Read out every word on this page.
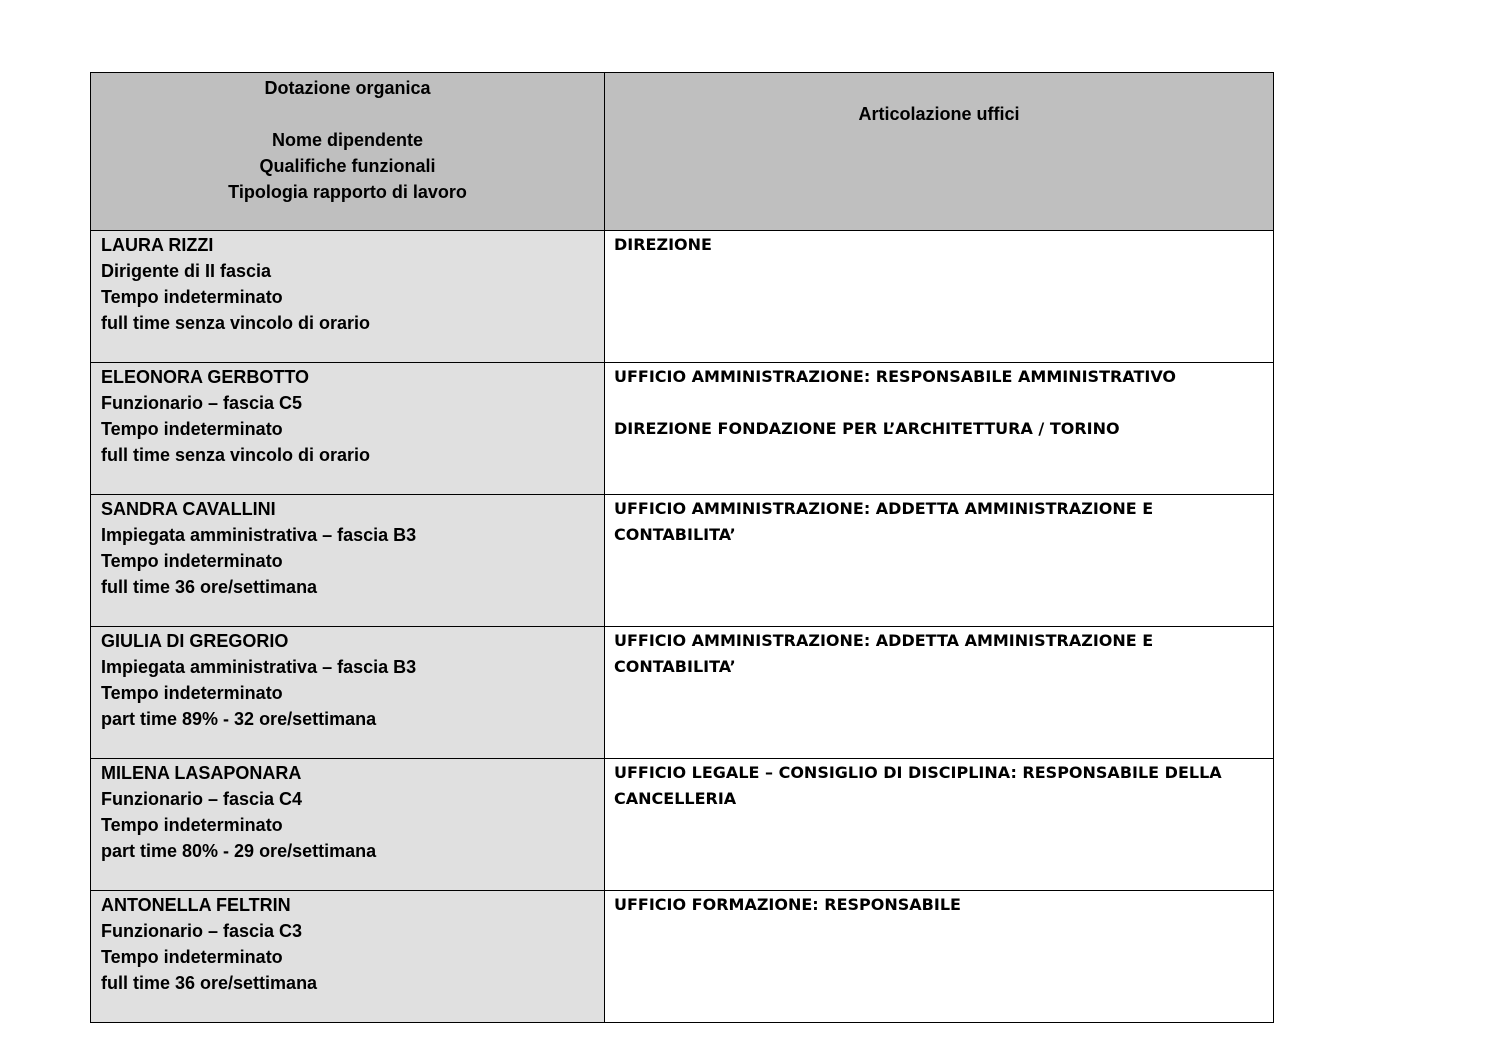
Dotazione organica
Nome dipendente
Qualifiche funzionali
Tipologia rapporto di lavoro	Articolazione uffici

LAURA RIZZI
Dirigente di II fascia
Tempo indeterminato
full time senza vincolo di orario	DIREZIONE

ELEONORA GERBOTTO
Funzionario – fascia C5
Tempo indeterminato
full time senza vincolo di orario	UFFICIO AMMINISTRAZIONE: RESPONSABILE AMMINISTRATIVO
DIREZIONE FONDAZIONE PER L’ARCHITETTURA / TORINO

SANDRA CAVALLINI
Impiegata amministrativa – fascia B3
Tempo indeterminato
full time 36 ore/settimana	UFFICIO AMMINISTRAZIONE: ADDETTA AMMINISTRAZIONE E CONTABILITA’

GIULIA DI GREGORIO
Impiegata amministrativa – fascia B3
Tempo indeterminato
part time 89% - 32 ore/settimana	UFFICIO AMMINISTRAZIONE: ADDETTA AMMINISTRAZIONE E CONTABILITA’

MILENA LASAPONARA
Funzionario – fascia C4
Tempo indeterminato
part time 80% - 29 ore/settimana	UFFICIO LEGALE – CONSIGLIO DI DISCIPLINA: RESPONSABILE DELLA CANCELLERIA

ANTONELLA FELTRIN
Funzionario – fascia C3
Tempo indeterminato
full time 36 ore/settimana	UFFICIO FORMAZIONE: RESPONSABILE
